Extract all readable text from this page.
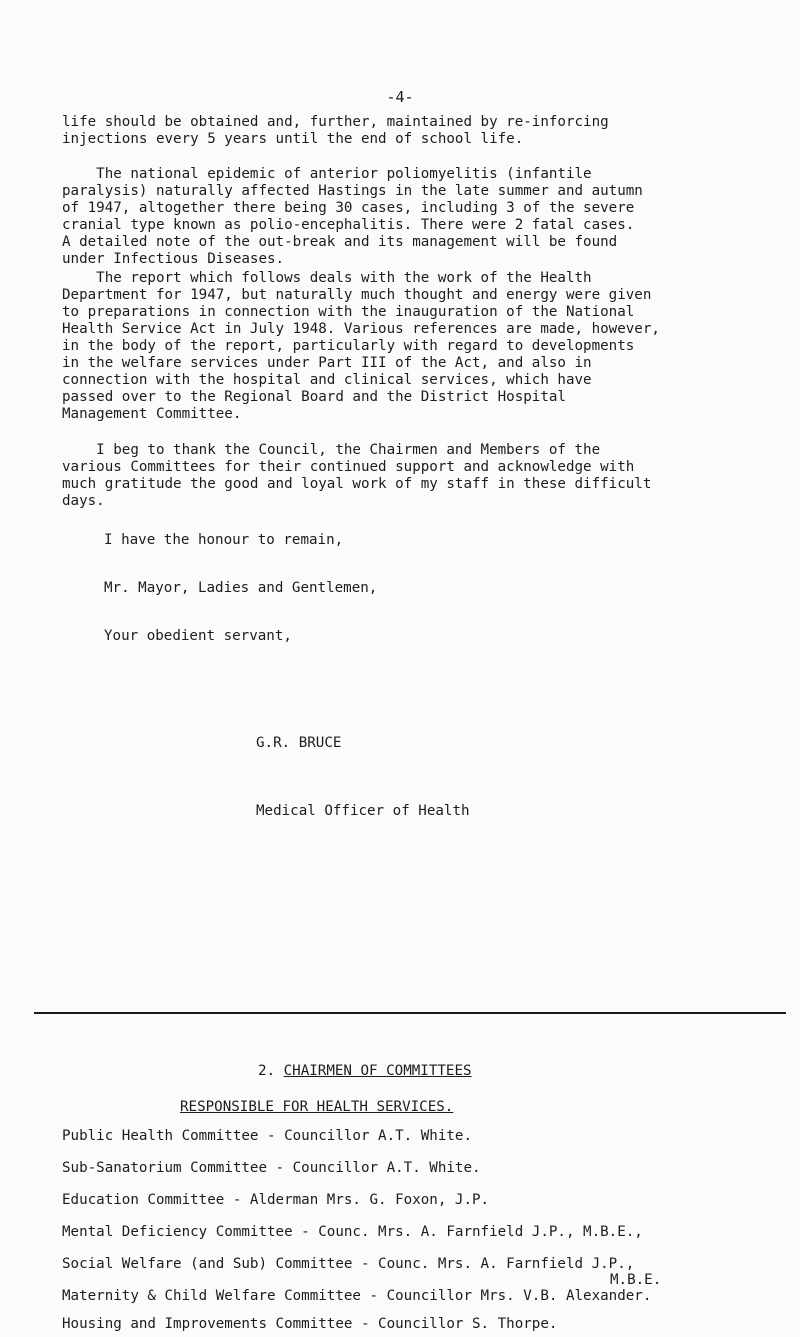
-4-

life should be obtained and, further, maintained by re-inforcing
injections every 5 years until the end of school life.

The national epidemic of anterior poliomyelitis (infantile
paralysis) naturally affected Hastings in the late summer and autumn
of 1947, altogether there being 30 cases, including 3 of the severe
cranial type known as polio-encephalitis. There were 2 fatal cases.
A detailed note of the out-break and its management will be found
under Infectious Diseases.

The report which follows deals with the work of the Health
Department for 1947, but naturally much thought and energy were given
to preparations in connection with the inauguration of the National
Health Service Act in July 1948. Various references are made, however,
in the body of the report, particularly with regard to developments
in the welfare services under Part III of the Act, and also in
connection with the hospital and clinical services, which have
passed over to the Regional Board and the District Hospital
Management Committee.

I beg to thank the Council, the Chairmen and Members of the
various Committees for their continued support and acknowledge with
much gratitude the good and loyal work of my staff in these difficult
days.

I have the honour to remain,
Mr. Mayor, Ladies and Gentlemen,
Your obedient servant,
G.R. BRUCE
Medical Officer of Health
2. CHAIRMEN OF COMMITTEES
RESPONSIBLE FOR HEALTH SERVICES.
Public Health Committee - Councillor A.T. White.
Sub-Sanatorium Committee - Councillor A.T. White.
Education Committee - Alderman Mrs. G. Foxon, J.P.
Mental Deficiency Committee - Counc. Mrs. A. Farnfield J.P., M.B.E.,
Social Welfare (and Sub) Committee - Counc. Mrs. A. Farnfield J.P.,
M.B.E.
Maternity & Child Welfare Committee - Councillor Mrs. V.B. Alexander.
Housing and Improvements Committee - Councillor S. Thorpe.
